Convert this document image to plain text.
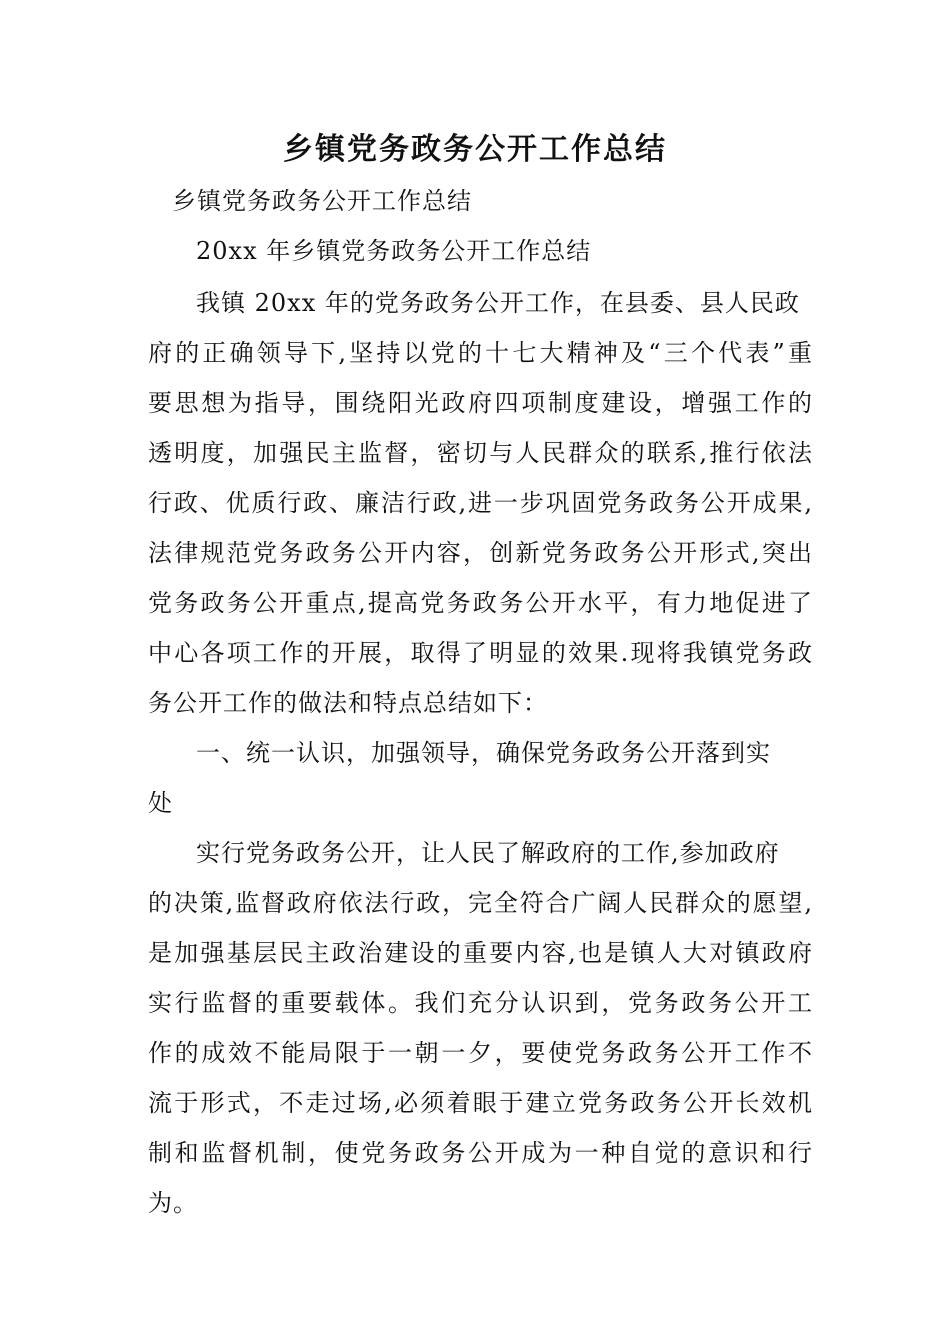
乡镇党务政务公开工作总结

乡镇党务政务公开工作总结

20xx 年乡镇党务政务公开工作总结

我镇 20xx 年的党务政务公开工作，在县委、县人民政

府的正确领导下,坚持以党的十七大精神及“三个代表”重

要思想为指导，围绕阳光政府四项制度建设，增强工作的

透明度，加强民主监督，密切与人民群众的联系,推行依法

行政、优质行政、廉洁行政,进一步巩固党务政务公开成果,

法律规范党务政务公开内容，创新党务政务公开形式,突出

党务政务公开重点,提高党务政务公开水平，有力地促进了

中心各项工作的开展，取得了明显的效果.现将我镇党务政

务公开工作的做法和特点总结如下：

一、统一认识，加强领导，确保党务政务公开落到实

处

实行党务政务公开，让人民了解政府的工作,参加政府

的决策,监督政府依法行政，完全符合广阔人民群众的愿望,

是加强基层民主政治建设的重要内容,也是镇人大对镇政府

实行监督的重要载体。我们充分认识到，党务政务公开工

作的成效不能局限于一朝一夕，要使党务政务公开工作不

流于形式，不走过场,必须着眼于建立党务政务公开长效机

制和监督机制，使党务政务公开成为一种自觉的意识和行

为。
